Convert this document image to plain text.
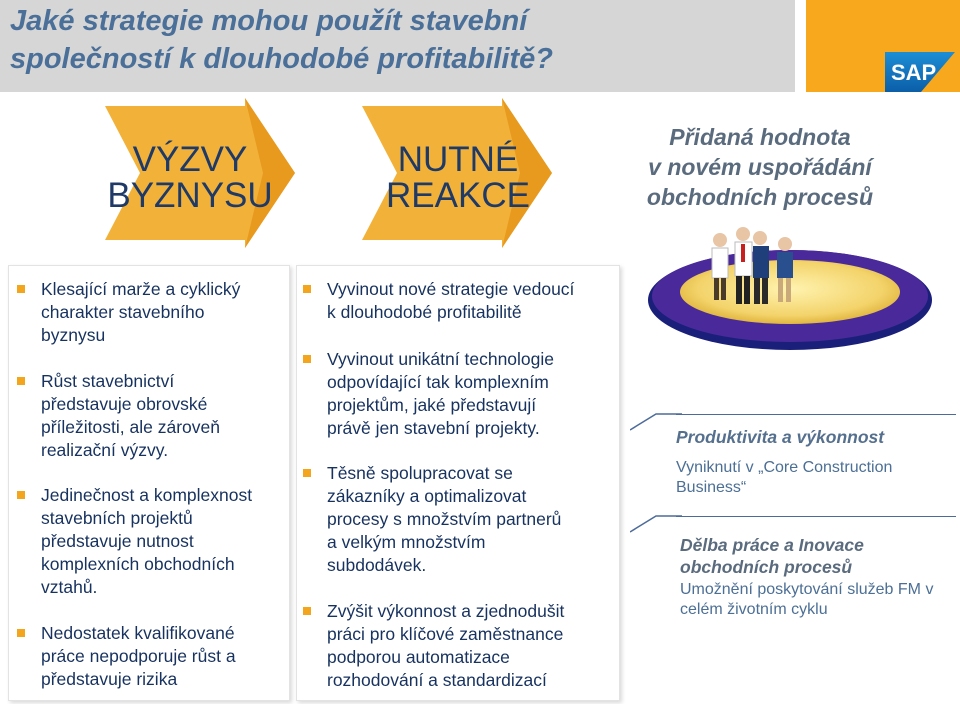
Jaké strategie mohou použít stavební
společností k dlouhodobé profitabilitě?	SAP
VÝZVY
BYZNYSU
NUTNÉ
REAKCE
Přidaná hodnota
v novém uspořádání
obchodních procesů
Klesající marže a cyklický
charakter stavebního
byznysu
Růst stavebnictví
představuje obrovské
příležitosti, ale zároveň
realizační výzvy.
Jedinečnost a komplexnost
stavebních projektů
představuje nutnost
komplexních obchodních
vztahů.
Nedostatek kvalifikované
práce nepodporuje růst a
představuje rizika
Vyvinout nové strategie vedoucí
k dlouhodobé profitabilitě
Vyvinout unikátní technologie
odpovídající tak komplexním
projektům, jaké představují
právě jen stavební projekty.
Těsně spolupracovat se
zákazníky a optimalizovat
procesy s množstvím partnerů
a velkým množstvím
subdodávek.
Zvýšit výkonnost a zjednodušit
práci pro klíčové zaměstnance
podporou automatizace
rozhodování a standardizací
Produktivita a výkonnost
Vyniknutí v „Core Construction
Business“
Dělba práce a Inovace
obchodních procesů
Umožnění poskytování služeb FM v
celém životním cyklu
